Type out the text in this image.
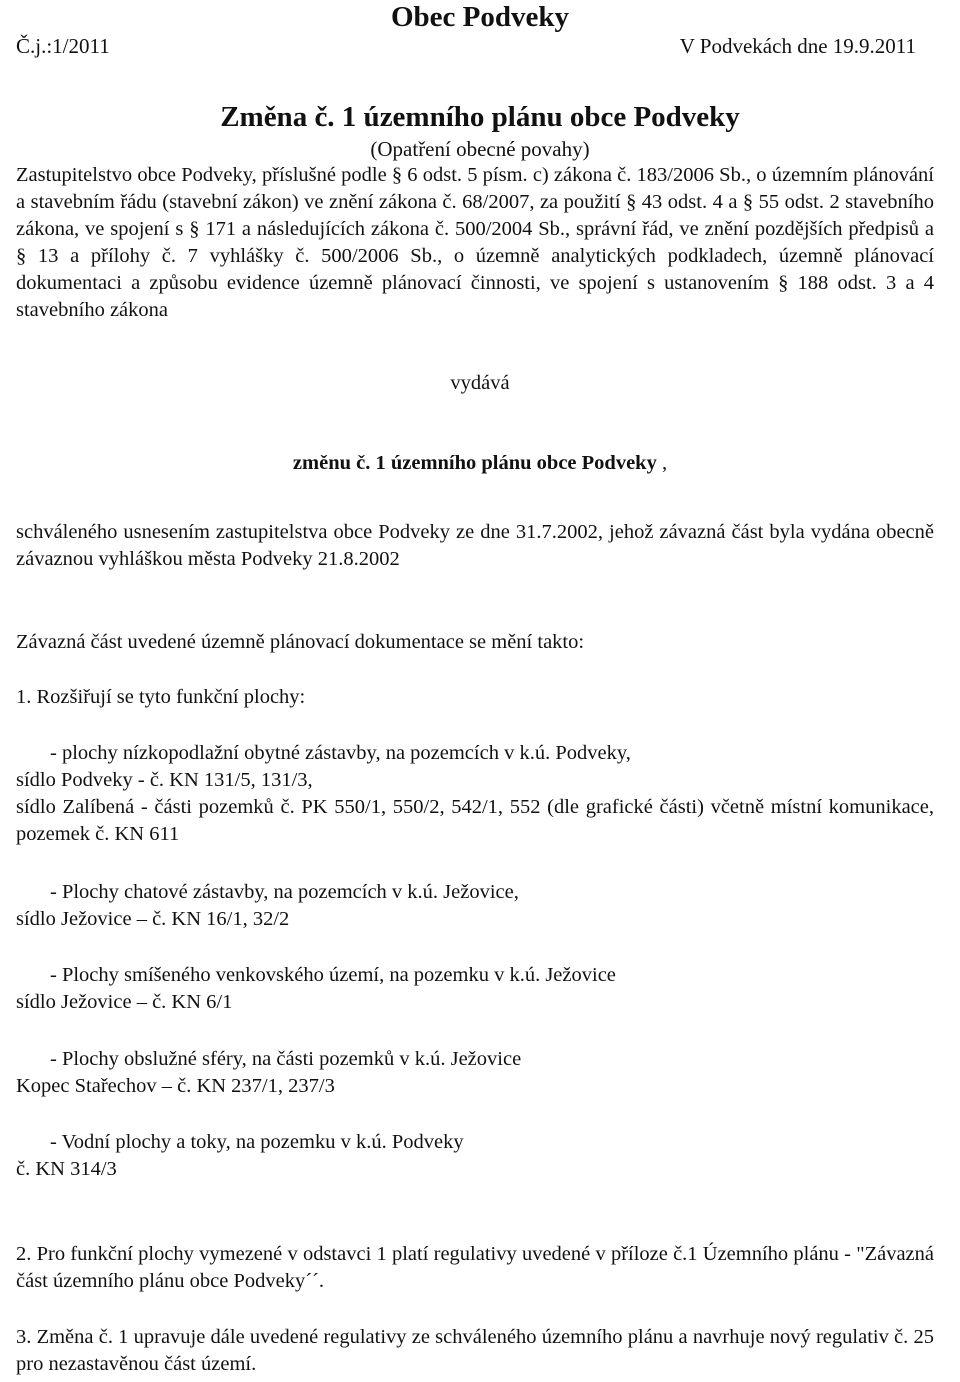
Obec Podveky
Č.j.:1/2011	V Podvekách dne 19.9.2011
Změna č. 1 územního plánu obce Podveky
(Opatření obecné povahy)

Zastupitelstvo obce Podveky, příslušné podle § 6 odst. 5 písm. c) zákona č. 183/2006 Sb., o územním plánování a stavebním řádu (stavební zákon) ve znění zákona č. 68/2007, za použití § 43 odst. 4 a § 55 odst. 2 stavebního zákona, ve spojení s § 171 a následujících zákona č. 500/2004 Sb., správní řád, ve znění pozdějších předpisů a § 13 a přílohy č. 7 vyhlášky č. 500/2006 Sb., o územně analytických podkladech, územně plánovací dokumentaci a způsobu evidence územně plánovací činnosti, ve spojení s ustanovením § 188 odst. 3 a 4 stavebního zákona

vydává
změnu č. 1 územního plánu obce Podveky ,

schváleného usnesením zastupitelstva obce Podveky ze dne 31.7.2002, jehož závazná část byla vydána obecně závaznou vyhláškou města Podveky 21.8.2002

Závazná část uvedené územně plánovací dokumentace se mění takto:

1. Rozšiřují se tyto funkční plochy:

- plochy nízkopodlažní obytné zástavby, na pozemcích v k.ú. Podveky,

sídlo Podveky - č. KN 131/5, 131/3,

sídlo Zalíbená - části pozemků č. PK 550/1, 550/2, 542/1, 552 (dle grafické části) včetně místní komunikace, pozemek č. KN 611

- Plochy chatové zástavby, na pozemcích v k.ú. Ježovice,

sídlo Ježovice – č. KN 16/1, 32/2

- Plochy smíšeného venkovského území, na pozemku v k.ú. Ježovice

sídlo Ježovice – č. KN 6/1

- Plochy obslužné sféry, na části pozemků v k.ú. Ježovice

Kopec Stařechov – č. KN 237/1, 237/3

- Vodní plochy a toky, na pozemku v k.ú. Podveky

č. KN 314/3

2. Pro funkční plochy vymezené v odstavci 1 platí regulativy uvedené v příloze č.1 Územního plánu - "Závazná část územního plánu obce Podveky´´.

3. Změna č. 1 upravuje dále uvedené regulativy ze schváleného územního plánu a navrhuje nový regulativ č. 25 pro nezastavěnou část území.
